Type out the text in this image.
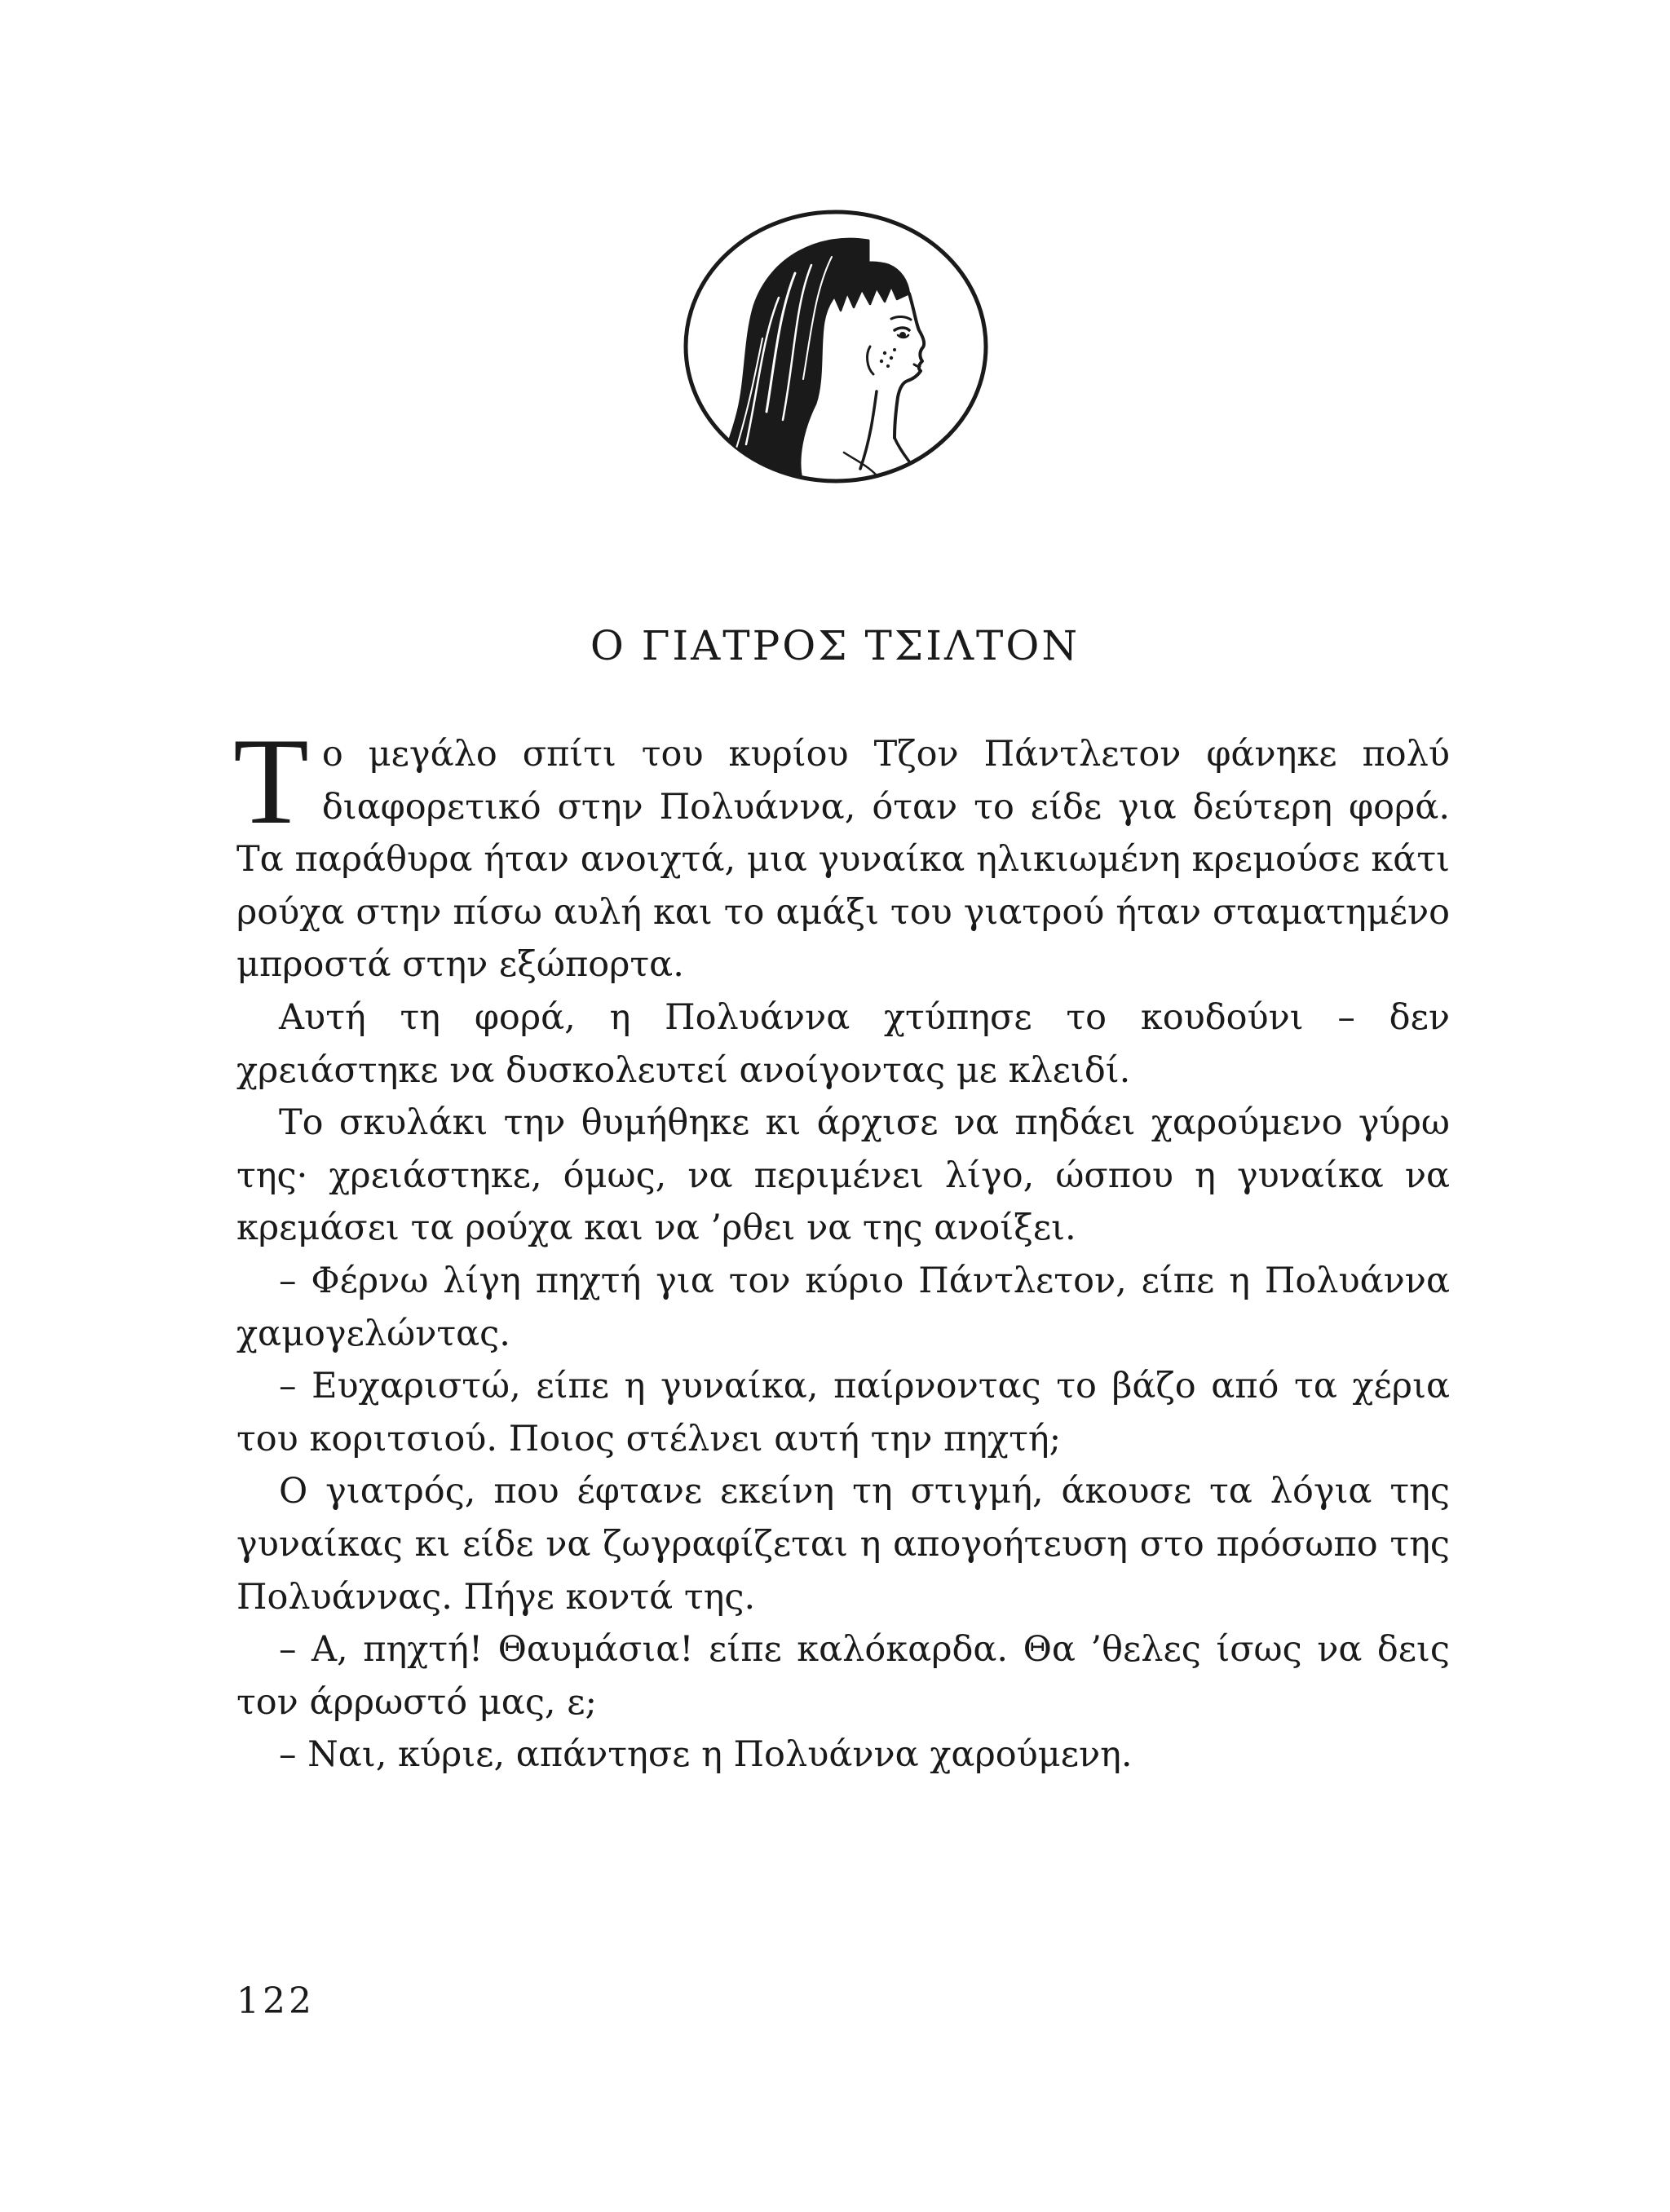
Ο ΓΙΑΤΡΟΣ ΤΣΙΛΤΟΝ

Το μεγάλο σπίτι του κυρίου Τζον Πάντλετον φάνηκε πολύ διαφορετικό στην Πολυάννα, όταν το είδε για δεύτερη φορά. Τα παράθυρα ήταν ανοιχτά, μια γυναίκα ηλικιωμένη κρεμούσε κάτι ρούχα στην πίσω αυλή και το αμάξι του γιατρού ήταν σταματημένο μπροστά στην εξώπορτα.

Αυτή τη φορά, η Πολυάννα χτύπησε το κουδούνι – δεν χρειάστηκε να δυσκολευτεί ανοίγοντας με κλειδί.

Το σκυλάκι την θυμήθηκε κι άρχισε να πηδάει χαρούμενο γύρω της· χρειάστηκε, όμως, να περιμένει λίγο, ώσπου η γυναίκα να κρεμάσει τα ρούχα και να ’ρθει να της ανοίξει.

– Φέρνω λίγη πηχτή για τον κύριο Πάντλετον, είπε η Πολυάννα χαμογελώντας.

– Ευχαριστώ, είπε η γυναίκα, παίρνοντας το βάζο από τα χέρια του κοριτσιού. Ποιος στέλνει αυτή την πηχτή;

Ο γιατρός, που έφτανε εκείνη τη στιγμή, άκουσε τα λόγια της γυναίκας κι είδε να ζωγραφίζεται η απογοήτευση στο πρόσωπο της Πολυάννας. Πήγε κοντά της.

– Α, πηχτή! Θαυμάσια! είπε καλόκαρδα. Θα ’θελες ίσως να δεις τον άρρωστό μας, ε;

– Ναι, κύριε, απάντησε η Πολυάννα χαρούμενη.

122
